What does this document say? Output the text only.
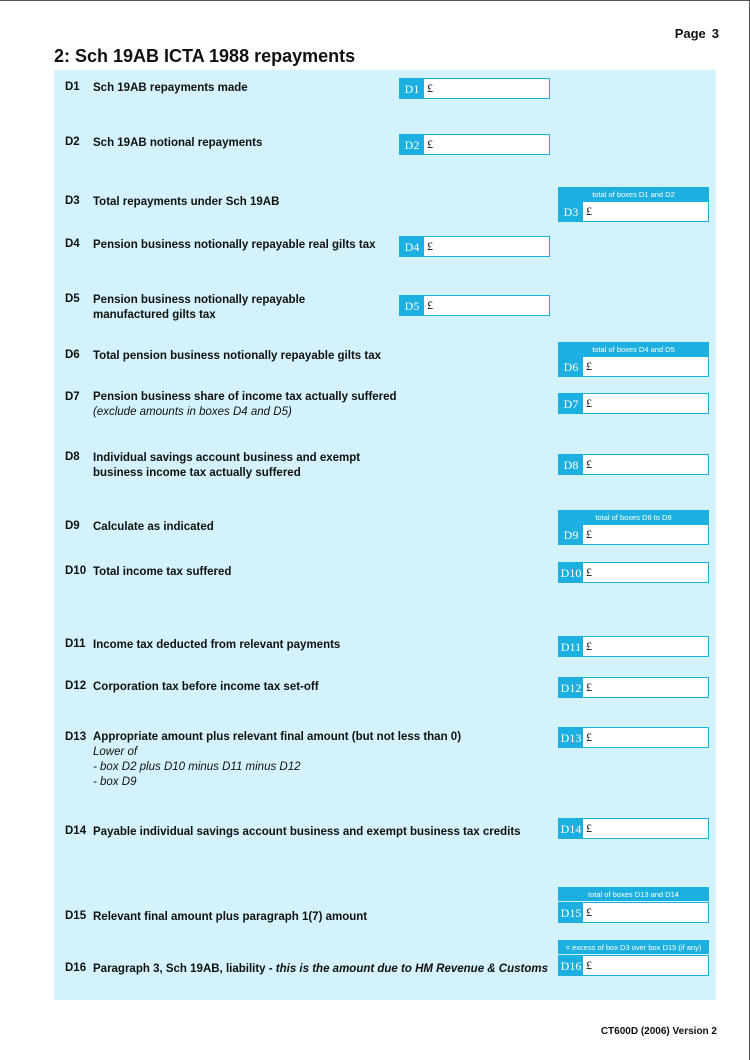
Page 3
2: Sch 19AB ICTA 1988 repayments
D1 Sch 19AB repayments made	D1 £
D2 Sch 19AB notional repayments	D2 £
D3 Total repayments under Sch 19AB
total of boxes D1 and D2
D3 £
D4 Pension business notionally repayable real gilts tax	D4 £
D5 Pension business notionally repayable
manufactured gilts tax
D5 £
D6 Total pension business notionally repayable gilts tax
total of boxes D4 and D5
D6 £
D7 Pension business share of income tax actually suffered
(exclude amounts in boxes D4 and D5)
D7 £
D8 Individual savings account business and exempt
business income tax actually suffered
D8 £
D9 Calculate as indicated
total of boxes D6 to D8
D9 £
D10 Total income tax suffered	D10 £
D11 Income tax deducted from relevant payments	D11 £
D12 Corporation tax before income tax set-off	D12 £
D13 Appropriate amount plus relevant final amount (but not less than 0)
Lower of
- box D2 plus D10 minus D11 minus D12
- box D9
D13 £
D14 Payable individual savings account business and exempt business tax credits	D14 £
D15 Relevant final amount plus paragraph 1(7) amount
total of boxes D13 and D14
D15 £
D16 Paragraph 3, Sch 19AB, liability - this is the amount due to HM Revenue & Customs
= excess of box D3 over box D15 (if any)
D16 £
CT600D (2006) Version 2
